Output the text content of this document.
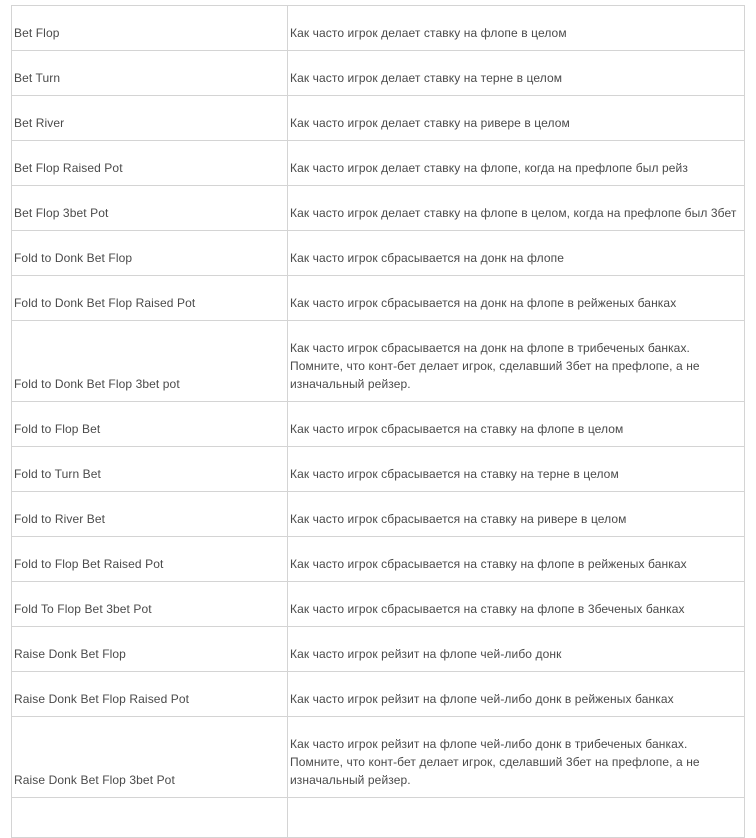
Bet Flop	Как часто игрок делает ставку на флопе в целом
Bet Turn	Как часто игрок делает ставку на терне в целом
Bet River	Как часто игрок делает ставку на ривере в целом
Bet Flop Raised Pot	Как часто игрок делает ставку на флопе, когда на префлопе был рейз
Bet Flop 3bet Pot	Как часто игрок делает ставку на флопе в целом, когда на префлопе был 3бет
Fold to Donk Bet Flop	Как часто игрок сбрасывается на донк на флопе
Fold to Donk Bet Flop Raised Pot	Как часто игрок сбрасывается на донк на флопе в рейженых банках
Fold to Donk Bet Flop 3bet pot	Как часто игрок сбрасывается на донк на флопе в трибеченых банках. Помните, что конт-бет делает игрок, сделавший 3бет на префлопе, а не изначальный рейзер.
Fold to Flop Bet	Как часто игрок сбрасывается на ставку на флопе в целом
Fold to Turn Bet	Как часто игрок сбрасывается на ставку на терне в целом
Fold to River Bet	Как часто игрок сбрасывается на ставку на ривере в целом
Fold to Flop Bet Raised Pot	Как часто игрок сбрасывается на ставку на флопе в рейженых банках
Fold To Flop Bet 3bet Pot	Как часто игрок сбрасывается на ставку на флопе в 3бечeных банках
Raise Donk Bet Flop	Как часто игрок рейзит на флопе чей-либо донк
Raise Donk Bet Flop Raised Pot	Как часто игрок рейзит на флопе чей-либо донк в рейженых банках
Raise Donk Bet Flop 3bet Pot	Как часто игрок рейзит на флопе чей-либо донк в трибеченых банках. Помните, что конт-бет делает игрок, сделавший 3бет на префлопе, а не изначальный рейзер.
